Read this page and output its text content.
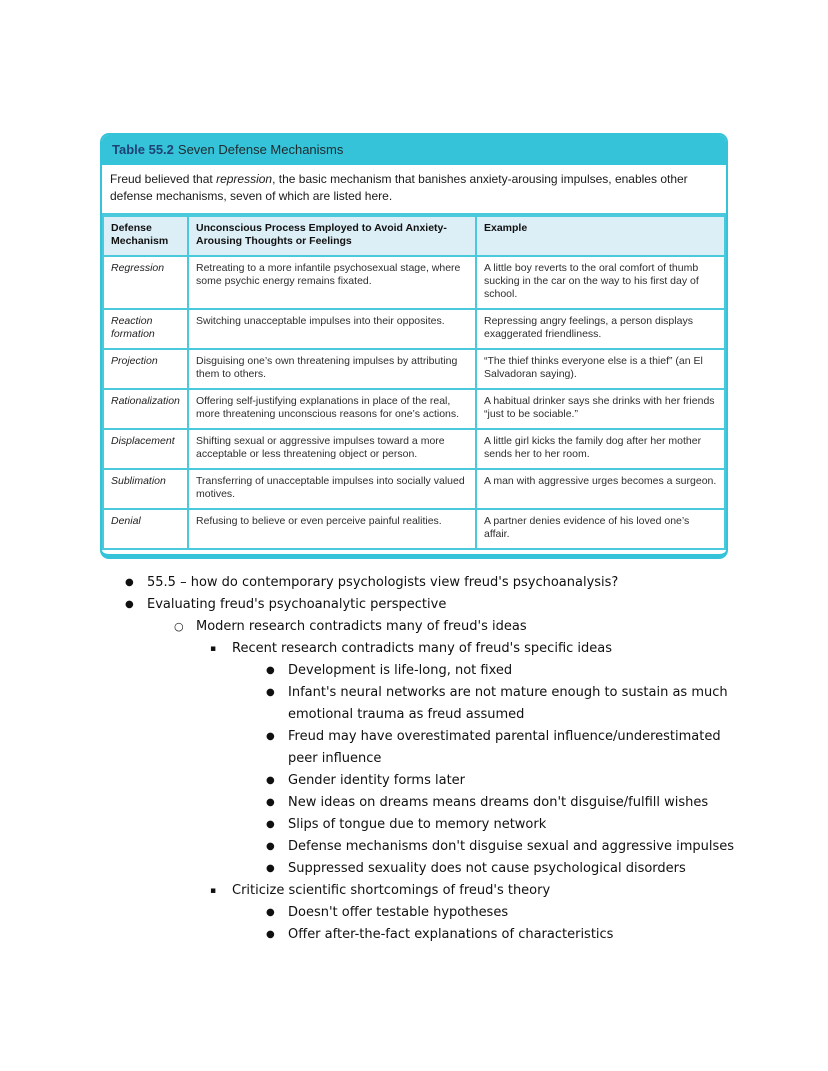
Table 55.2 Seven Defense Mechanisms
Freud believed that repression, the basic mechanism that banishes anxiety-arousing impulses, enables other defense mechanisms, seven of which are listed here.
Defense Mechanism	Unconscious Process Employed to Avoid Anxiety-Arousing Thoughts or Feelings	Example
Regression	Retreating to a more infantile psychosexual stage, where some psychic energy remains fixated.	A little boy reverts to the oral comfort of thumb sucking in the car on the way to his first day of school.
Reaction formation	Switching unacceptable impulses into their opposites.	Repressing angry feelings, a person displays exaggerated friendliness.
Projection	Disguising one’s own threatening impulses by attributing them to others.	“The thief thinks everyone else is a thief” (an El Salvadoran saying).
Rationalization	Offering self-justifying explanations in place of the real, more threatening unconscious reasons for one’s actions.	A habitual drinker says she drinks with her friends “just to be sociable.”
Displacement	Shifting sexual or aggressive impulses toward a more acceptable or less threatening object or person.	A little girl kicks the family dog after her mother sends her to her room.
Sublimation	Transferring of unacceptable impulses into socially valued motives.	A man with aggressive urges becomes a surgeon.
Denial	Refusing to believe or even perceive painful realities.	A partner denies evidence of his loved one’s affair.
●	55.5 – how do contemporary psychologists view freud's psychoanalysis?
●	Evaluating freud's psychoanalytic perspective
○ Modern research contradicts many of freud's ideas
▪	Recent research contradicts many of freud's specific ideas
●	Development is life-long, not fixed
●	Infant's neural networks are not mature enough to sustain as much emotional trauma as freud assumed
●	Freud may have overestimated parental influence/underestimated peer influence
●	Gender identity forms later
●	New ideas on dreams means dreams don't disguise/fulfill wishes
●	Slips of tongue due to memory network
●	Defense mechanisms don't disguise sexual and aggressive impulses
●	Suppressed sexuality does not cause psychological disorders
▪	Criticize scientific shortcomings of freud's theory
●	Doesn't offer testable hypotheses
●	Offer after-the-fact explanations of characteristics
